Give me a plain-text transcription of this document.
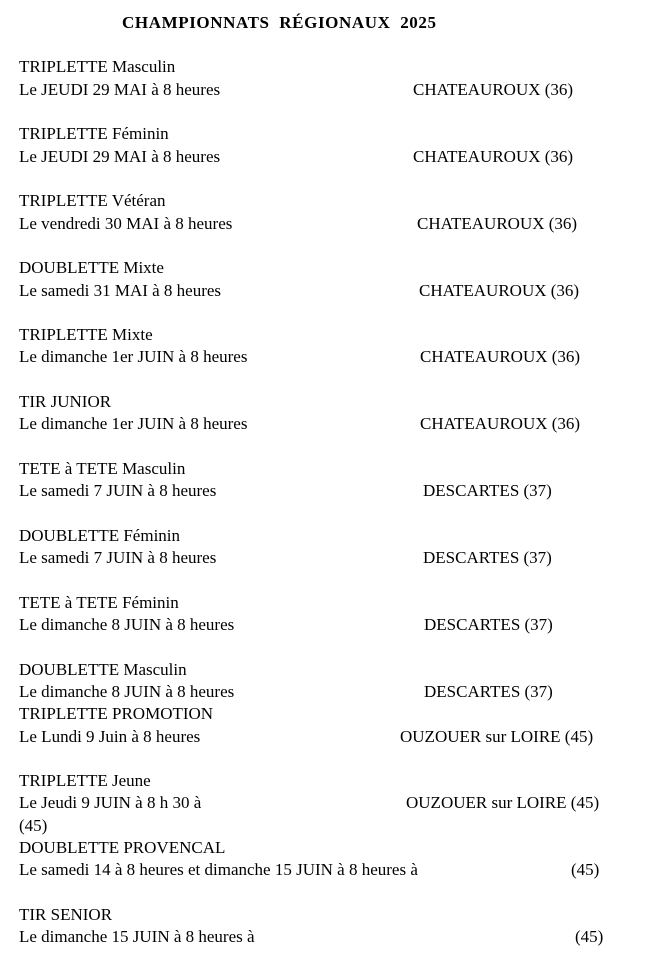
CHAMPIONNATS  RÉGIONAUX  2025
TRIPLETTE Masculin
Le JEUDI 29 MAI à 8 heures	CHATEAUROUX (36)
TRIPLETTE Féminin
Le JEUDI 29 MAI à 8 heures	CHATEAUROUX (36)
TRIPLETTE Vétéran
Le vendredi 30 MAI à 8 heures	CHATEAUROUX (36)
DOUBLETTE Mixte
Le samedi 31 MAI à 8 heures	CHATEAUROUX (36)
TRIPLETTE Mixte
Le dimanche 1er JUIN à 8 heures	CHATEAUROUX (36)
TIR JUNIOR
Le dimanche 1er JUIN à 8 heures	CHATEAUROUX (36)
TETE à TETE Masculin
Le samedi 7 JUIN à 8 heures	DESCARTES (37)
DOUBLETTE Féminin
Le samedi 7 JUIN à 8 heures	DESCARTES (37)
TETE à TETE Féminin
Le dimanche 8 JUIN à 8 heures	DESCARTES (37)
DOUBLETTE Masculin
Le dimanche 8 JUIN à 8 heures	DESCARTES (37)
TRIPLETTE PROMOTION
Le Lundi 9 Juin à 8 heures	OUZOUER sur LOIRE (45)
TRIPLETTE Jeune
Le Jeudi 9 JUIN à 8 h 30 à	OUZOUER sur LOIRE (45)
(45)
DOUBLETTE PROVENCAL
Le samedi 14 à 8 heures et dimanche 15 JUIN à 8 heures à	(45)
TIR SENIOR
Le dimanche 15 JUIN à 8 heures à	(45)
